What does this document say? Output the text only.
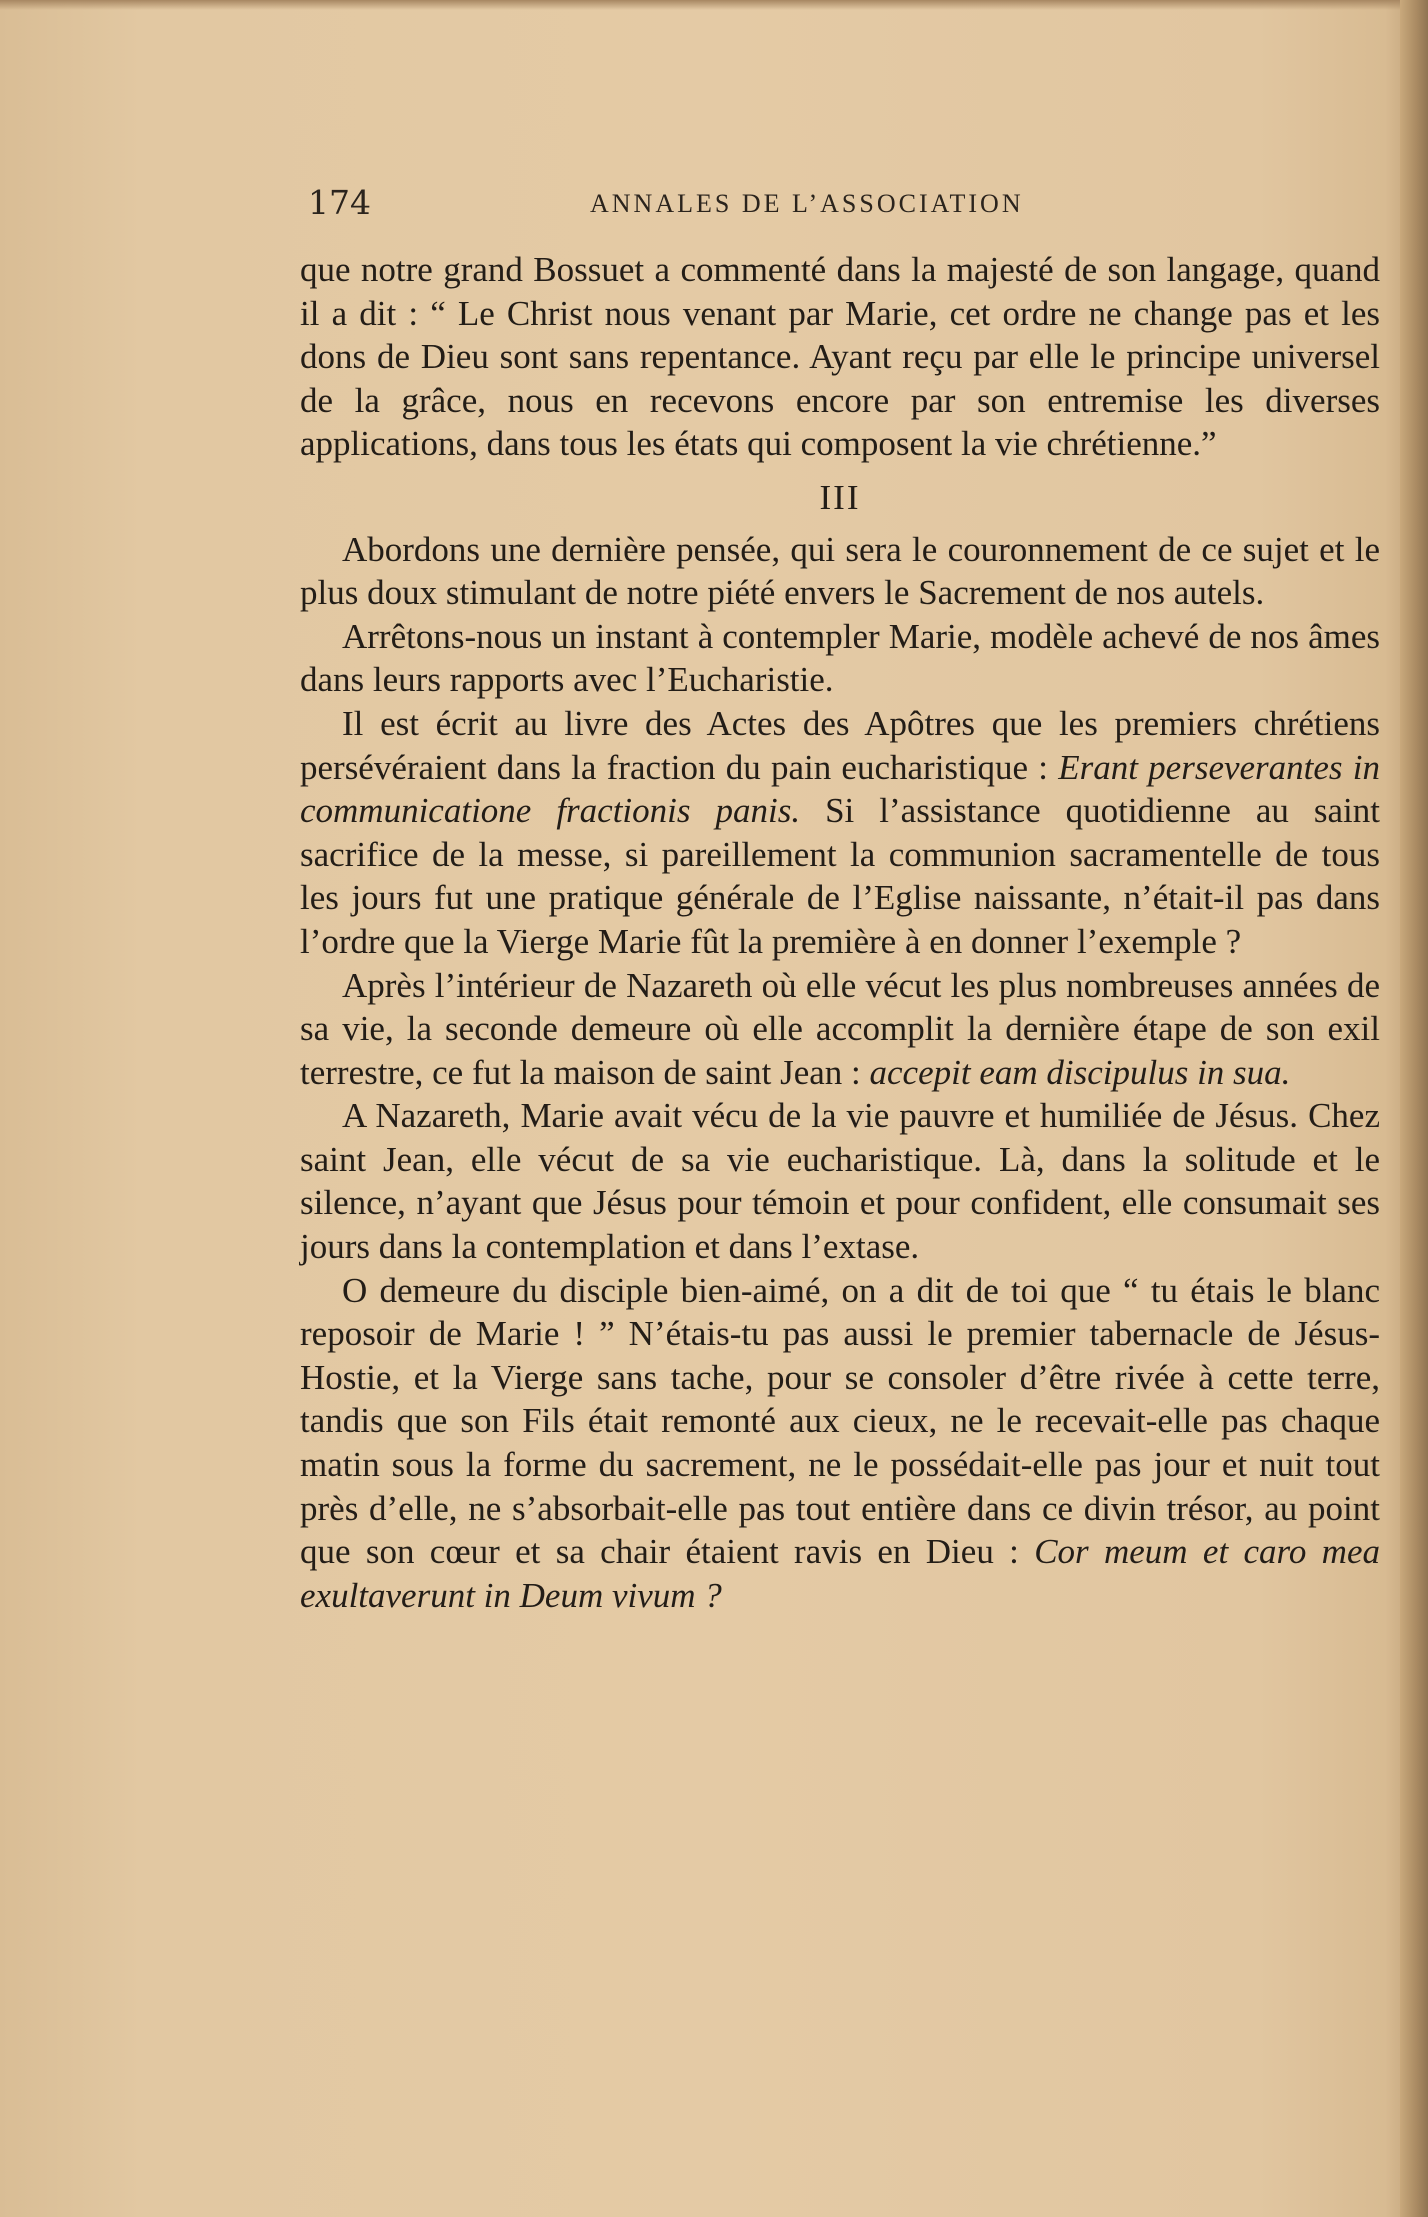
174	ANNALES DE L’ASSOCIATION

que notre grand Bossuet a commenté dans la majesté de son langage, quand il a dit : “ Le Christ nous venant par Marie, cet ordre ne change pas et les dons de Dieu sont sans repentance. Ayant reçu par elle le principe universel de la grâce, nous en recevons encore par son entremise les diverses applications, dans tous les états qui composent la vie chrétienne.”

III

Abordons une dernière pensée, qui sera le couronnement de ce sujet et le plus doux stimulant de notre piété envers le Sacrement de nos autels.

Arrêtons-nous un instant à contempler Marie, modèle achevé de nos âmes dans leurs rapports avec l’Eucharistie.

Il est écrit au livre des Actes des Apôtres que les premiers chrétiens persévéraient dans la fraction du pain eucharistique : Erant perseverantes in communicatione fractionis panis. Si l’assistance quotidienne au saint sacrifice de la messe, si pareillement la communion sacramentelle de tous les jours fut une pratique générale de l’Eglise naissante, n’était-il pas dans l’ordre que la Vierge Marie fût la première à en donner l’exemple ?

Après l’intérieur de Nazareth où elle vécut les plus nombreuses années de sa vie, la seconde demeure où elle accomplit la dernière étape de son exil terrestre, ce fut la maison de saint Jean : accepit eam discipulus in sua.

A Nazareth, Marie avait vécu de la vie pauvre et humiliée de Jésus. Chez saint Jean, elle vécut de sa vie eucharistique. Là, dans la solitude et le silence, n’ayant que Jésus pour témoin et pour confident, elle consumait ses jours dans la contemplation et dans l’extase.

O demeure du disciple bien-aimé, on a dit de toi que “ tu étais le blanc reposoir de Marie ! ” N’étais-tu pas aussi le premier tabernacle de Jésus-Hostie, et la Vierge sans tache, pour se consoler d’être rivée à cette terre, tandis que son Fils était remonté aux cieux, ne le recevait-elle pas chaque matin sous la forme du sacrement, ne le possédait-elle pas jour et nuit tout près d’elle, ne s’absorbait-elle pas tout entière dans ce divin trésor, au point que son cœur et sa chair étaient ravis en Dieu : Cor meum et caro mea exultaverunt in Deum vivum ?
